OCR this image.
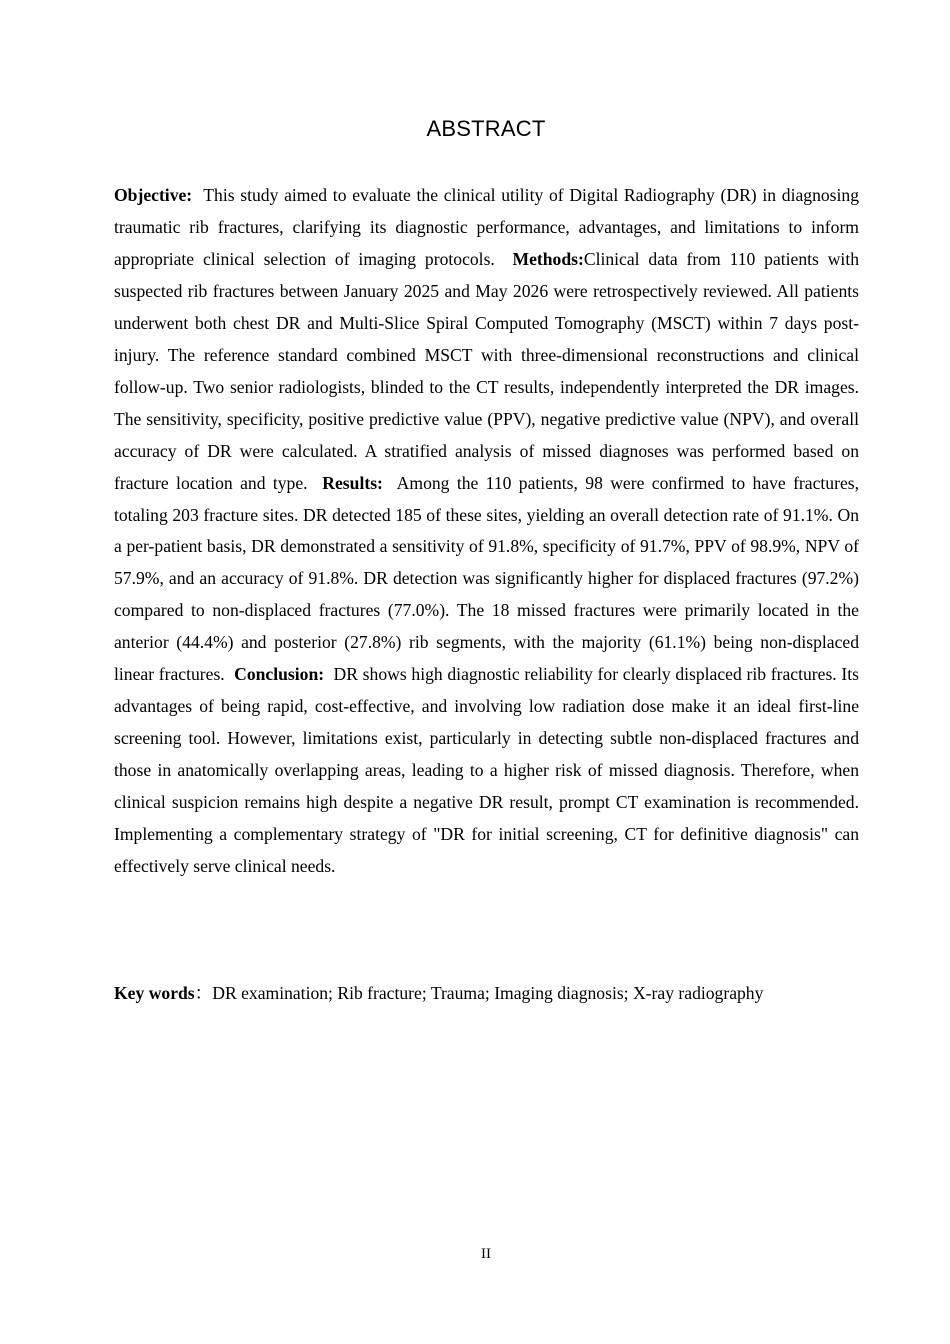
ABSTRACT

Objective: This study aimed to evaluate the clinical utility of Digital Radiography (DR) in diagnosing traumatic rib fractures, clarifying its diagnostic performance, advantages, and limitations to inform appropriate clinical selection of imaging protocols. Methods:Clinical data from 110 patients with suspected rib fractures between January 2025 and May 2026 were retrospectively reviewed. All patients underwent both chest DR and Multi-Slice Spiral Computed Tomography (MSCT) within 7 days post-injury. The reference standard combined MSCT with three-dimensional reconstructions and clinical follow-up. Two senior radiologists, blinded to the CT results, independently interpreted the DR images. The sensitivity, specificity, positive predictive value (PPV), negative predictive value (NPV), and overall accuracy of DR were calculated. A stratified analysis of missed diagnoses was performed based on fracture location and type. Results: Among the 110 patients, 98 were confirmed to have fractures, totaling 203 fracture sites. DR detected 185 of these sites, yielding an overall detection rate of 91.1%. On a per-patient basis, DR demonstrated a sensitivity of 91.8%, specificity of 91.7%, PPV of 98.9%, NPV of 57.9%, and an accuracy of 91.8%. DR detection was significantly higher for displaced fractures (97.2%) compared to non-displaced fractures (77.0%). The 18 missed fractures were primarily located in the anterior (44.4%) and posterior (27.8%) rib segments, with the majority (61.1%) being non-displaced linear fractures. Conclusion: DR shows high diagnostic reliability for clearly displaced rib fractures. Its advantages of being rapid, cost-effective, and involving low radiation dose make it an ideal first-line screening tool. However, limitations exist, particularly in detecting subtle non-displaced fractures and those in anatomically overlapping areas, leading to a higher risk of missed diagnosis. Therefore, when clinical suspicion remains high despite a negative DR result, prompt CT examination is recommended. Implementing a complementary strategy of "DR for initial screening, CT for definitive diagnosis" can effectively serve clinical needs.

Key words：DR examination; Rib fracture; Trauma; Imaging diagnosis; X-ray radiography

II
